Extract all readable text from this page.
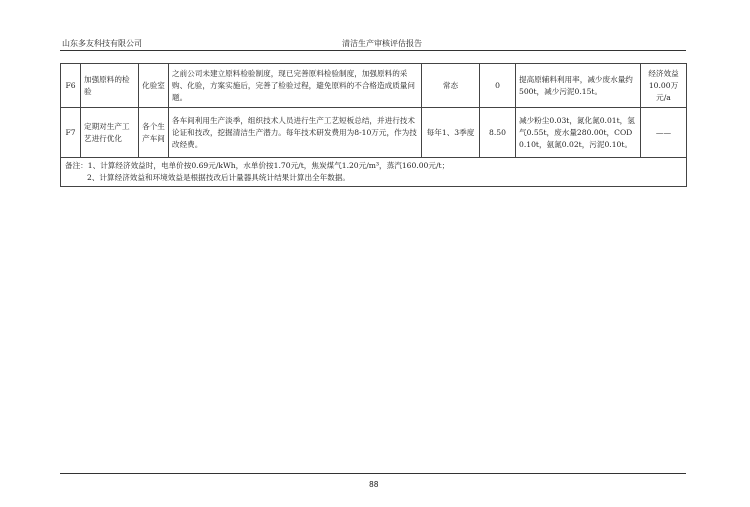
山东多友科技有限公司	清洁生产审核评估报告
F6	加强原料的检验	化验室	之前公司未建立原料检验制度，现已完善原料检验制度，加强原料的采购、化验，方案实施后，完善了检验过程，避免原料的不合格造成质量问题。	常态	0	提高原辅料利用率，减少废水量约500t，减少污泥0.15t。	经济效益10.00万元/a
F7	定期对生产工艺进行优化	各个生产车间	各车间利用生产淡季，组织技术人员进行生产工艺短板总结，并进行技术论证和技改，挖掘清洁生产潜力。每年技术研发费用为8-10万元，作为技改经费。	每年1、3季度	8.50	减少粉尘0.03t，氮化氮0.01t，氢气0.55t，废水量280.00t，COD 0.10t，氨氮0.02t，污泥0.10t。	——

备注：1、计算经济效益时，电单价按0.69元/kWh，水单价按1.70元/t，焦炭煤气1.20元/m³，蒸汽160.00元/t；
2、计算经济效益和环境效益是根据技改后计量器具统计结果计算出全年数据。							
88
